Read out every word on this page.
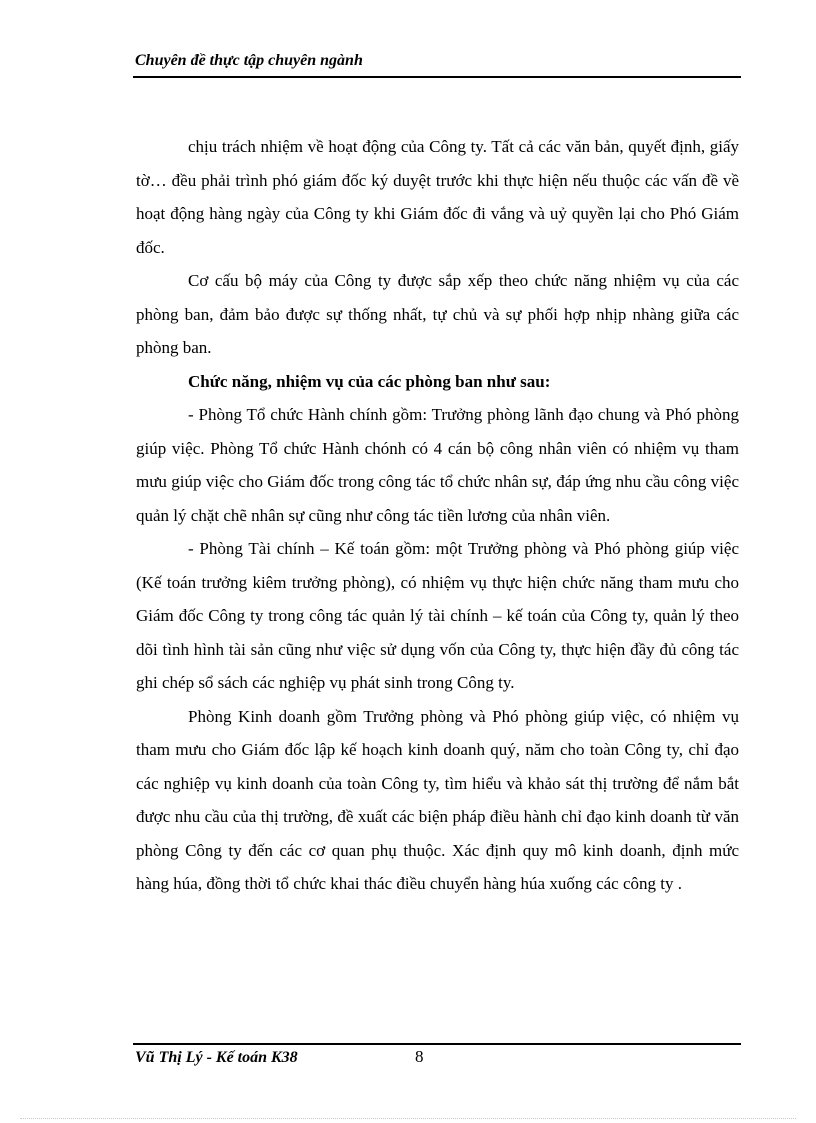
Chuyên đề thực tập chuyên ngành

chịu trách nhiệm về hoạt động của Công ty. Tất cả các văn bản, quyết định, giấy tờ… đều phải trình phó giám đốc ký duyệt trước khi thực hiện nếu thuộc các vấn đề về hoạt động hàng ngày của Công ty khi Giám đốc đi vắng và uỷ quyền lại cho Phó Giám đốc.

Cơ cấu bộ máy của Công ty được sắp xếp theo chức năng nhiệm vụ của các phòng ban, đảm bảo được sự thống nhất, tự chủ và sự phối hợp nhịp nhàng giữa các phòng ban.

Chức năng, nhiệm vụ của các phòng ban như sau:

- Phòng Tổ chức Hành chính gồm: Trưởng phòng lãnh đạo chung và Phó phòng giúp việc. Phòng Tổ chức Hành chónh có 4 cán bộ công nhân viên có nhiệm vụ tham mưu giúp việc cho Giám đốc trong công tác tổ chức nhân sự, đáp ứng nhu cầu công việc quản lý chặt chẽ nhân sự cũng như công tác tiền lương của nhân viên.

- Phòng Tài chính – Kế toán gồm: một Trưởng phòng và Phó phòng giúp việc (Kế toán trưởng kiêm trưởng phòng), có nhiệm vụ thực hiện chức năng tham mưu cho Giám đốc Công ty trong công tác quản lý tài chính – kế toán của Công ty, quản lý theo dõi tình hình tài sản cũng như việc sử dụng vốn của Công ty, thực hiện đầy đủ công tác ghi chép sổ sách các nghiệp vụ phát sinh trong Công ty.

Phòng Kinh doanh gồm Trưởng phòng và Phó phòng giúp việc, có nhiệm vụ tham mưu cho Giám đốc lập kế hoạch kinh doanh quý, năm cho toàn Công ty, chỉ đạo các nghiệp vụ kinh doanh của toàn Công ty, tìm hiểu và khảo sát thị trường để nắm bắt được nhu cầu của thị trường, đề xuất các biện pháp điều hành chỉ đạo kinh doanh từ văn phòng Công ty đến các cơ quan phụ thuộc. Xác định quy mô kinh doanh, định mức hàng húa, đồng thời tổ chức khai thác điều chuyển hàng húa xuống các công ty .

Vũ Thị Lý - Kế toán K38	8
